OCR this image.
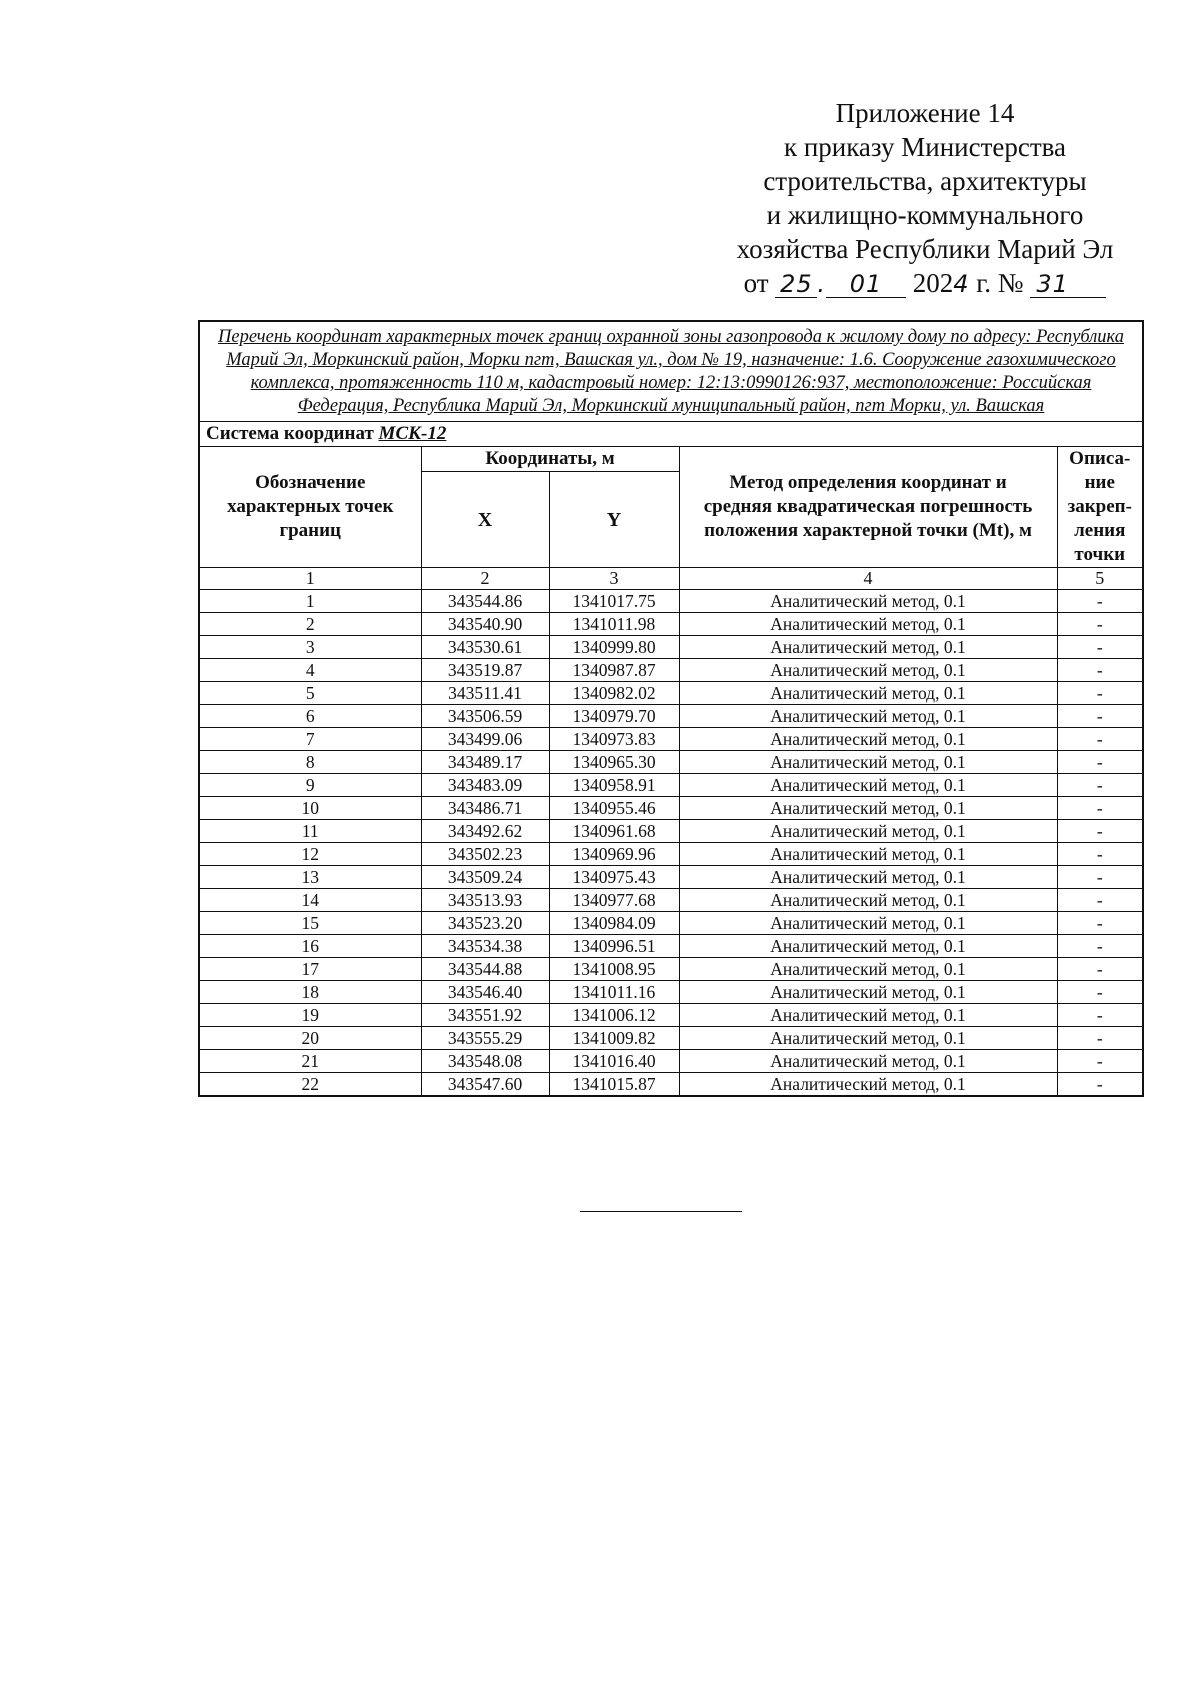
Приложение 14
к приказу Министерства
строительства, архитектуры
и жилищно-коммунального
хозяйства Республики Марий Эл
от 25 . 01 2024 г. № 31
Перечень координат характерных точек границ охранной зоны газопровода к жилому дому по адресу: Республика Марий Эл, Моркинский район, Морки пгт, Вашская ул., дом № 19, назначение: 1.6. Сооружение газохимического комплекса, протяженность 110 м, кадастровый номер: 12:13:0990126:937, местоположение: Российская Федерация, Республика Марий Эл, Моркинский муниципальный район, пгт Морки, ул. Вашская				
Система координат МСК-12				
Обозначение характерных точек границ	Координаты, м		Метод определения координат и средняя квадратическая погрешность положения характерной точки (Mt), м	Описа-
ние
закреп-
ления
точки

	X	Y		
1	2	3	4	5
1	343544.86	1341017.75	Аналитический метод, 0.1	-
2	343540.90	1341011.98	Аналитический метод, 0.1	-
3	343530.61	1340999.80	Аналитический метод, 0.1	-
4	343519.87	1340987.87	Аналитический метод, 0.1	-
5	343511.41	1340982.02	Аналитический метод, 0.1	-
6	343506.59	1340979.70	Аналитический метод, 0.1	-
7	343499.06	1340973.83	Аналитический метод, 0.1	-
8	343489.17	1340965.30	Аналитический метод, 0.1	-
9	343483.09	1340958.91	Аналитический метод, 0.1	-
10	343486.71	1340955.46	Аналитический метод, 0.1	-
11	343492.62	1340961.68	Аналитический метод, 0.1	-
12	343502.23	1340969.96	Аналитический метод, 0.1	-
13	343509.24	1340975.43	Аналитический метод, 0.1	-
14	343513.93	1340977.68	Аналитический метод, 0.1	-
15	343523.20	1340984.09	Аналитический метод, 0.1	-
16	343534.38	1340996.51	Аналитический метод, 0.1	-
17	343544.88	1341008.95	Аналитический метод, 0.1	-
18	343546.40	1341011.16	Аналитический метод, 0.1	-
19	343551.92	1341006.12	Аналитический метод, 0.1	-
20	343555.29	1341009.82	Аналитический метод, 0.1	-
21	343548.08	1341016.40	Аналитический метод, 0.1	-
22	343547.60	1341015.87	Аналитический метод, 0.1	-
